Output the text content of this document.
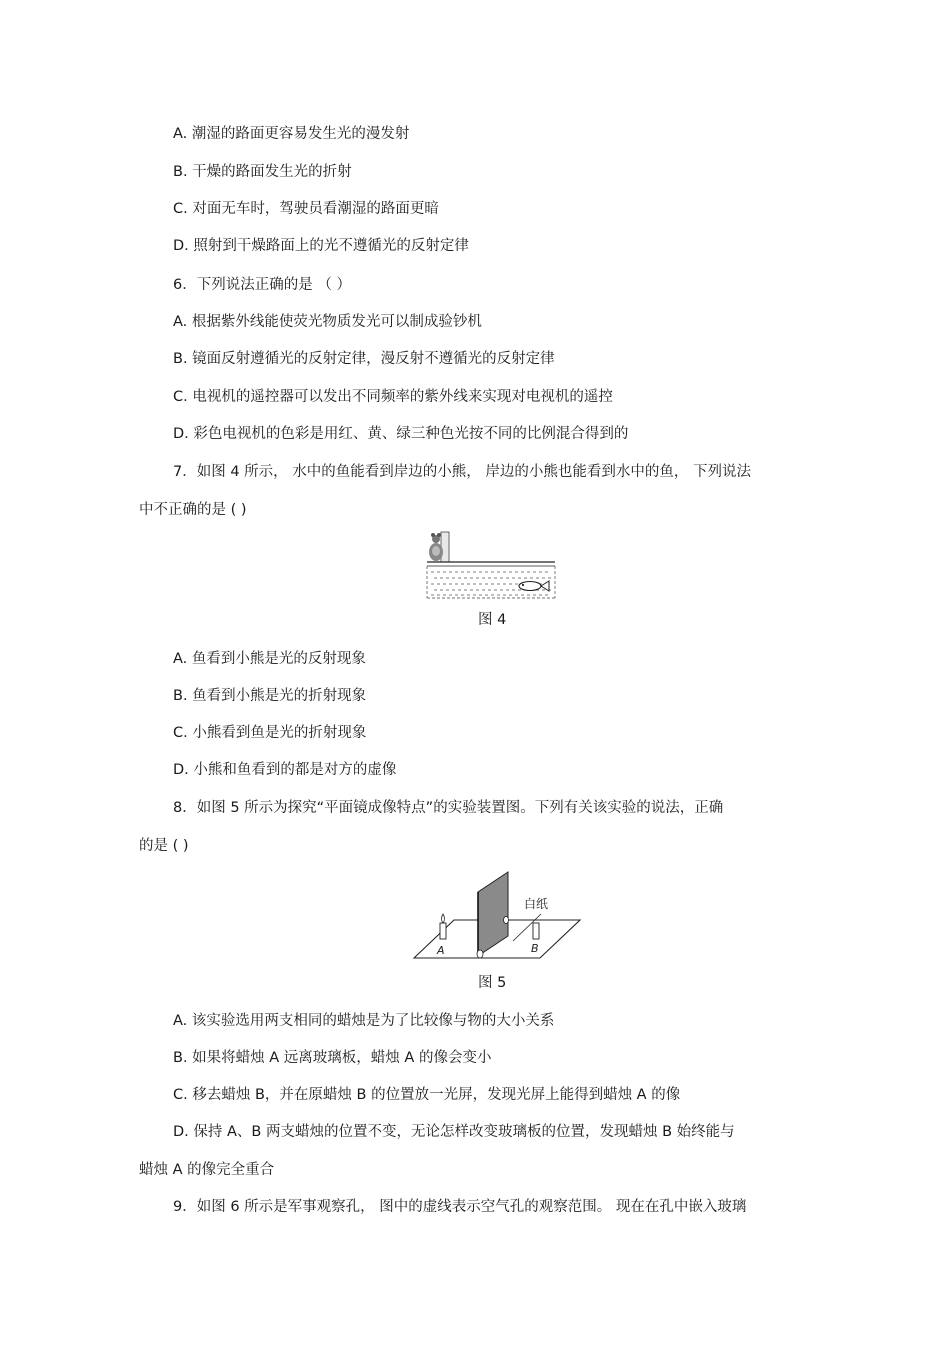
A. 潮湿的路面更容易发生光的漫发射
B. 干燥的路面发生光的折射
C. 对面无车时，驾驶员看潮湿的路面更暗
D. 照射到干燥路面上的光不遵循光的反射定律
6．下列说法正确的是 （ ）
A. 根据紫外线能使荧光物质发光可以制成验钞机
B. 镜面反射遵循光的反射定律，漫反射不遵循光的反射定律
C. 电视机的遥控器可以发出不同频率的紫外线来实现对电视机的遥控
D. 彩色电视机的色彩是用红、黄、绿三种色光按不同的比例混合得到的
7．如图 4 所示， 水中的鱼能看到岸边的小熊， 岸边的小熊也能看到水中的鱼， 下列说法
中不正确的是 ( )
图 4
A. 鱼看到小熊是光的反射现象
B. 鱼看到小熊是光的折射现象
C. 小熊看到鱼是光的折射现象
D. 小熊和鱼看到的都是对方的虚像
8．如图 5 所示为探究“平面镜成像特点”的实验装置图。下列有关该实验的说法，正确
的是 ( )
白纸
A	B
图 5
A. 该实验选用两支相同的蜡烛是为了比较像与物的大小关系
B. 如果将蜡烛 A 远离玻璃板，蜡烛 A 的像会变小
C. 移去蜡烛 B，并在原蜡烛 B 的位置放一光屏，发现光屏上能得到蜡烛 A 的像
D. 保持 A、B 两支蜡烛的位置不变，无论怎样改变玻璃板的位置，发现蜡烛 B 始终能与
蜡烛 A 的像完全重合
9．如图 6 所示是军事观察孔， 图中的虚线表示空气孔的观察范围。 现在在孔中嵌入玻璃
